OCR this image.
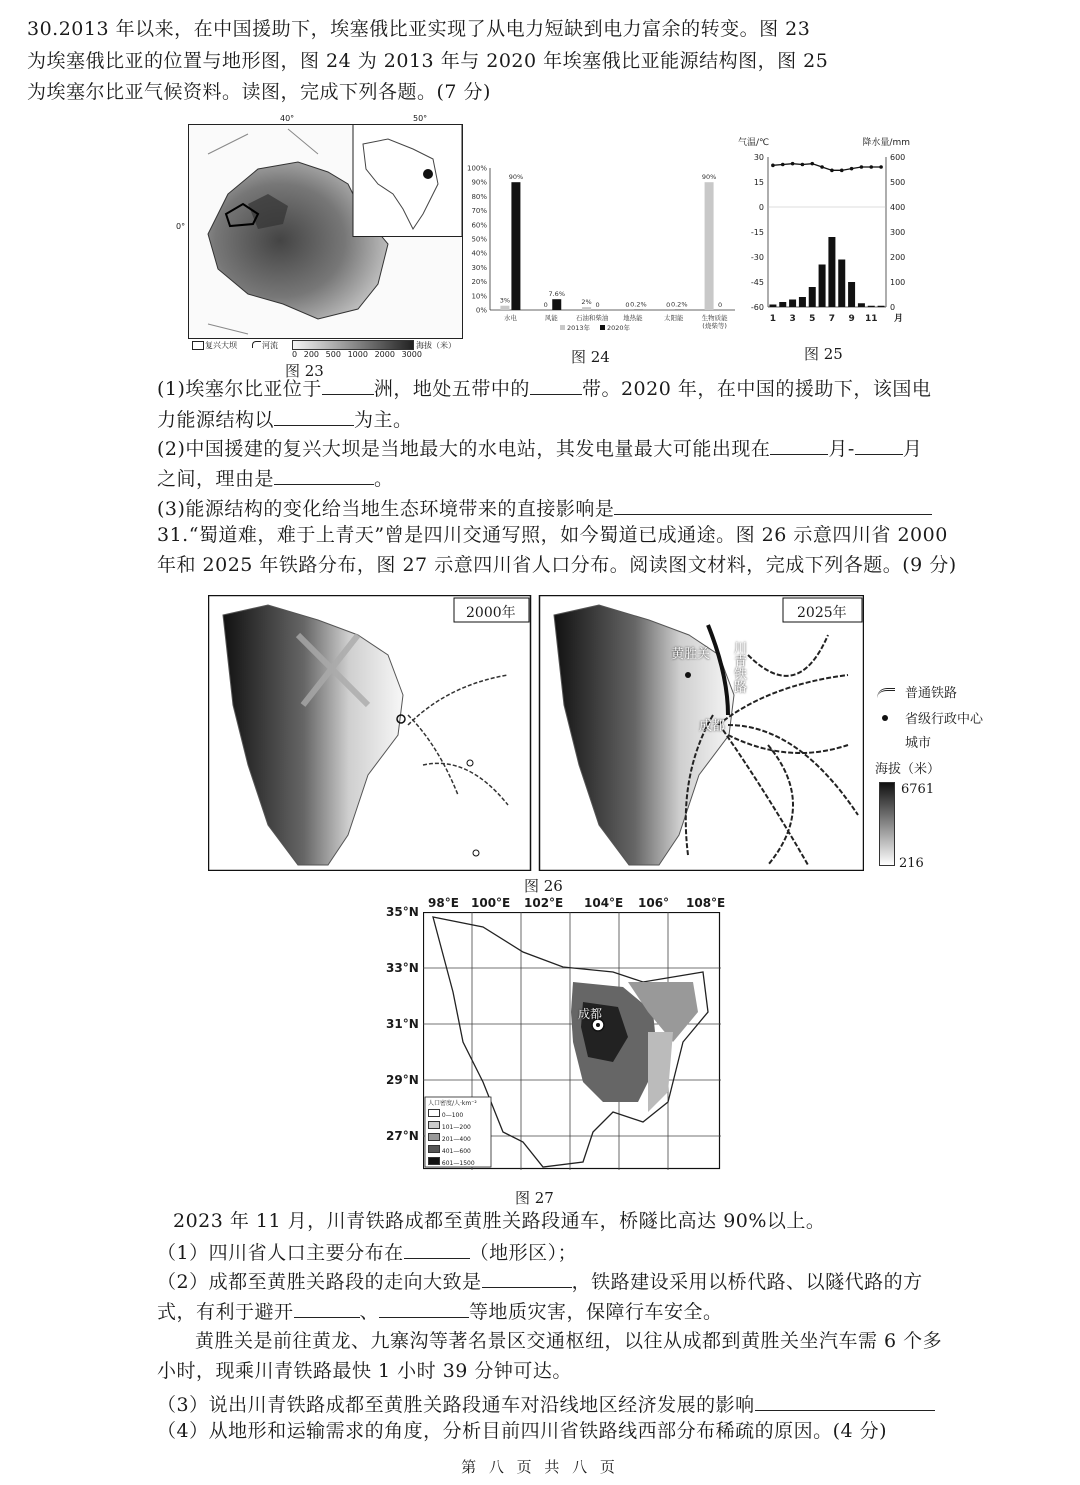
30.2013 年以来，在中国援助下，埃塞俄比亚实现了从电力短缺到电力富余的转变。图 23
为埃塞俄比亚的位置与地形图，图 24 为 2013 年与 2020 年埃塞俄比亚能源结构图，图 25
为埃塞尔比亚气候资料。读图，完成下列各题。(7 分)
40°	50°
0°
复兴大坝	河流	海拔（米）
0 200 500 1000 2000 3000
图 23
0%
10%
20%
30%
40%
50%
60%
70%
80%
90%
100%
3%
90%
水电
0
7.6%
风能
2% 0
石油和柴油
0 0.2%
地热能
0 0.2%
太阳能
90%
0
生物质能
(烧柴等)
2013年	2020年
图 24
气温/℃	降水量/mm
-60
-45
-30
-15
0
15
30
0
100
200
300
400
500
600
1 3 5 7 9 11 月
图 25
(1)埃塞尔比亚位于	洲，地处五带中的	带。2020 年，在中国的援助下，该国电
力能源结构以	为主。
(2)中国援建的复兴大坝是当地最大的水电站，其发电量最大可能出现在	月-	月
之间，理由是	。
(3)能源结构的变化给当地生态环境带来的直接影响是
31.“蜀道难，难于上青天”曾是四川交通写照，如今蜀道已成通途。图 26 示意四川省 2000
年和 2025 年铁路分布，图 27 示意四川省人口分布。阅读图文材料，完成下列各题。(9 分)
2000年	2025年
黄胜关 川青铁路
成都
普通铁路
省级行政中心
城市
海拔（米）
6761
216
图 26
成都
人口密度/人·km⁻²
0—100
101—200
201—400
401—600
601—1500
98°E 100°E 102°E 104°E 106° 108°E
35°N
33°N
31°N
29°N
27°N
图 27
2023 年 11 月，川青铁路成都至黄胜关路段通车，桥隧比高达 90%以上。
（1）四川省人口主要分布在	（地形区）；
（2）成都至黄胜关路段的走向大致是	，铁路建设采用以桥代路、以隧代路的方
式，有利于避开	、	等地质灾害，保障行车安全。
黄胜关是前往黄龙、九寨沟等著名景区交通枢纽，以往从成都到黄胜关坐汽车需 6 个多
小时，现乘川青铁路最快 1 小时 39 分钟可达。
（3）说出川青铁路成都至黄胜关路段通车对沿线地区经济发展的影响
（4）从地形和运输需求的角度，分析目前四川省铁路线西部分布稀疏的原因。(4 分)
第 八 页 共 八 页
